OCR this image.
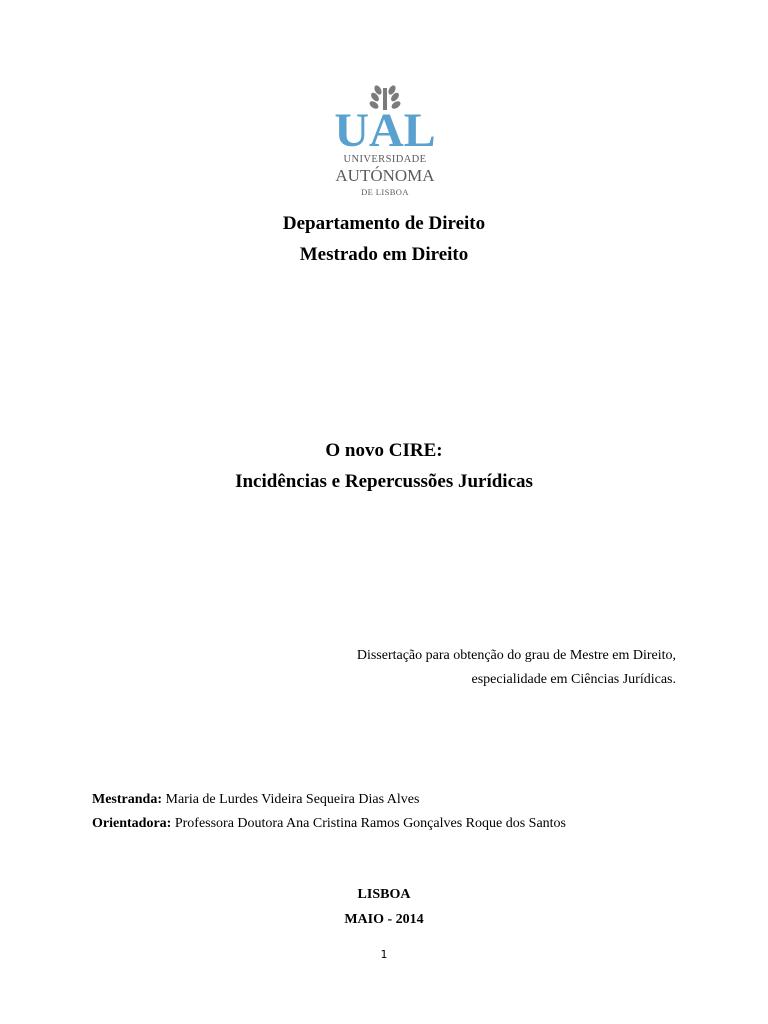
UAL
UNIVERSIDADE
AUTÓNOMA
DE LISBOA
Departamento de Direito
Mestrado em Direito
O novo CIRE:
Incidências e Repercussões Jurídicas
Dissertação para obtenção do grau de Mestre em Direito,
especialidade em Ciências Jurídicas.
Mestranda: Maria de Lurdes Videira Sequeira Dias Alves
Orientadora: Professora Doutora Ana Cristina Ramos Gonçalves Roque dos Santos
LISBOA
MAIO - 2014
1
